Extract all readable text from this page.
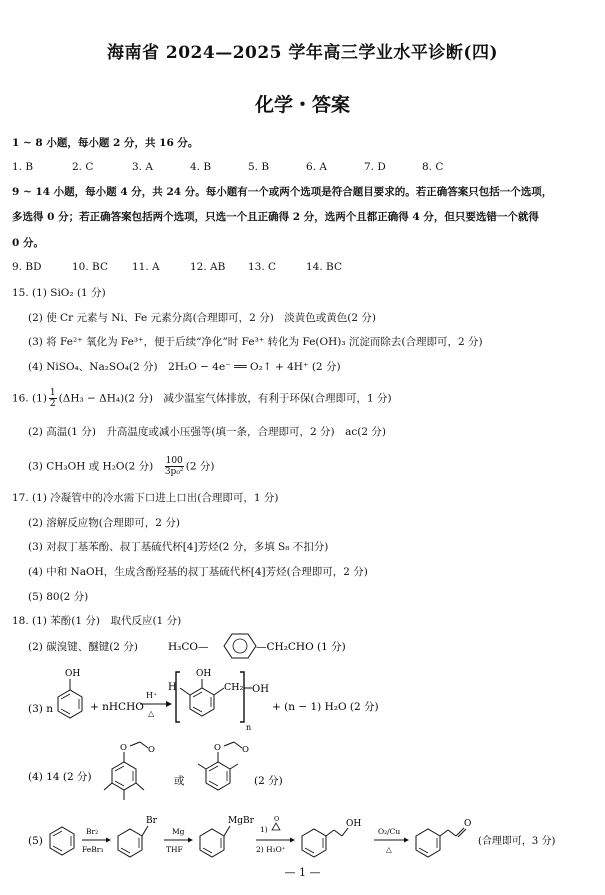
海南省 2024—2025 学年高三学业水平诊断(四)
化学・答案
1 ~ 8 小题，每小题 2 分，共 16 分。
1. B	2. C	3. A	4. B	5. B	6. A	7. D	8. C
9 ~ 14 小题，每小题 4 分，共 24 分。每小题有一个或两个选项是符合题目要求的。若正确答案只包括一个选项，
多选得 0 分；若正确答案包括两个选项，只选一个且正确得 2 分，选两个且都正确得 4 分，但只要选错一个就得
0 分。
9. BD	10. BC 11. A	12. AB 13. C	14. BC
15. (1) SiO₂ (1 分)
(2) 使 Cr 元素与 Ni、Fe 元素分离(合理即可，2 分)　淡黄色或黄色(2 分)
(3) 将 Fe²⁺ 氧化为 Fe³⁺，便于后续“净化”时 Fe³⁺ 转化为 Fe(OH)₃ 沉淀而除去(合理即可，2 分)
(4) NiSO₄、Na₂SO₄(2 分)　2H₂O − 4e⁻ ══ O₂↑ + 4H⁺ (2 分)
16. $(1) \frac{1}{2} (\Delta H_3 - \Delta H_4)(2$ 分)　减少温室气体排放，有利于环保(合理即可，1 分)
(2) 高温(1 分)　升高温度或减小压强等(填一条，合理即可，2 分)　ac(2 分)
(3) CH₃OH 或 H₂O(2 分) $\frac{100}{\text{3p₀²}} (2$ 分)
17. (1) 冷凝管中的冷水需下口进上口出(合理即可，1 分)
(2) 溶解反应物(合理即可，2 分)
(3) 对叔丁基苯酚、叔丁基硫代杯[4]芳烃(2 分，多填 S₈ 不扣分)
(4) 中和 NaOH，生成含酚羟基的叔丁基硫代杯[4]芳烃(合理即可，2 分)
(5) 80(2 分)
18. (1) 苯酚(1 分)　取代反应(1 分)
(2) 碳溴键、醚键(2 分)	H₃CO—	—CH₂CHO (1 分)
(3) n
OH
+ nHCHO
H⁺
△
H
OH
CH₂ OH
n
+ (n − 1) H₂O (2 分)
(4) 14 (2 分)
O O
或
O O
(2 分)
(5)
Br₂
FeBr₃
Br
Mg
THF
MgBr
1)
O
2) H₃O⁺
OH
O₂/Cu
△
O
(合理即可，3 分)
— 1 —
